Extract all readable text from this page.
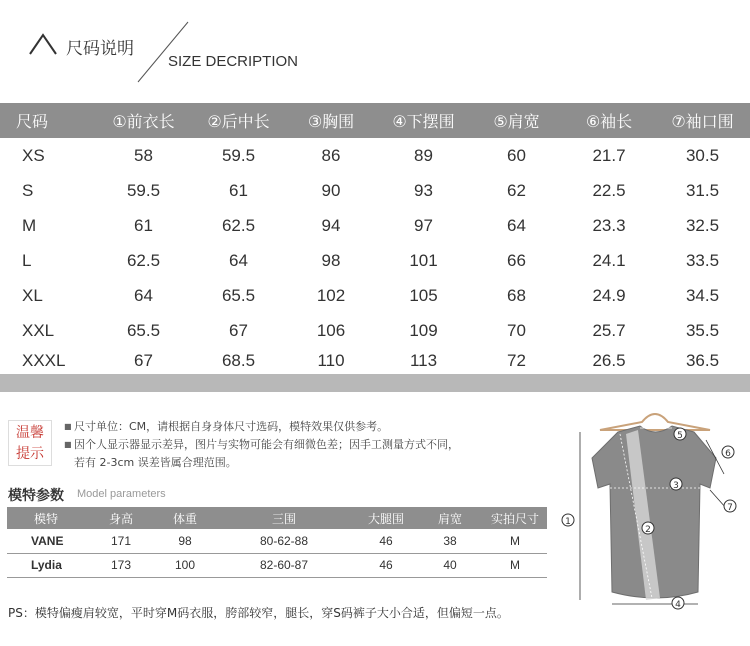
尺码说明
SIZE DECRIPTION
尺码	①前衣长	②后中长	③胸围	④下摆围	⑤肩宽	⑥袖长	⑦袖口围
XS	58	59.5	86	89	60	21.7	30.5
S	59.5	61	90	93	62	22.5	31.5
M	61	62.5	94	97	64	23.3	32.5
L	62.5	64	98	101	66	24.1	33.5
XL	64	65.5	102	105	68	24.9	34.5
XXL	65.5	67	106	109	70	25.7	35.5
XXXL	67	68.5	110	113	72	26.5	36.5
温馨
提示
■ 尺寸单位：CM，请根据自身身体尺寸选码，模特效果仅供参考。
■ 因个人显示器显示差异，图片与实物可能会有细微色差；因手工测量方式不同，
若有 2-3cm 误差皆属合理范围。
模特参数 Model parameters
模特	身高	体重	三围	大腿围	肩宽	实拍尺寸
VANE	171	98	80-62-88	46	38	M
Lydia	173	100	82-60-87	46	40	M
PS：模特偏瘦肩较宽，平时穿M码衣服，胯部较窄，腿长，穿S码裤子大小合适，但偏短一点。
1
2
3
4
5
6
7
